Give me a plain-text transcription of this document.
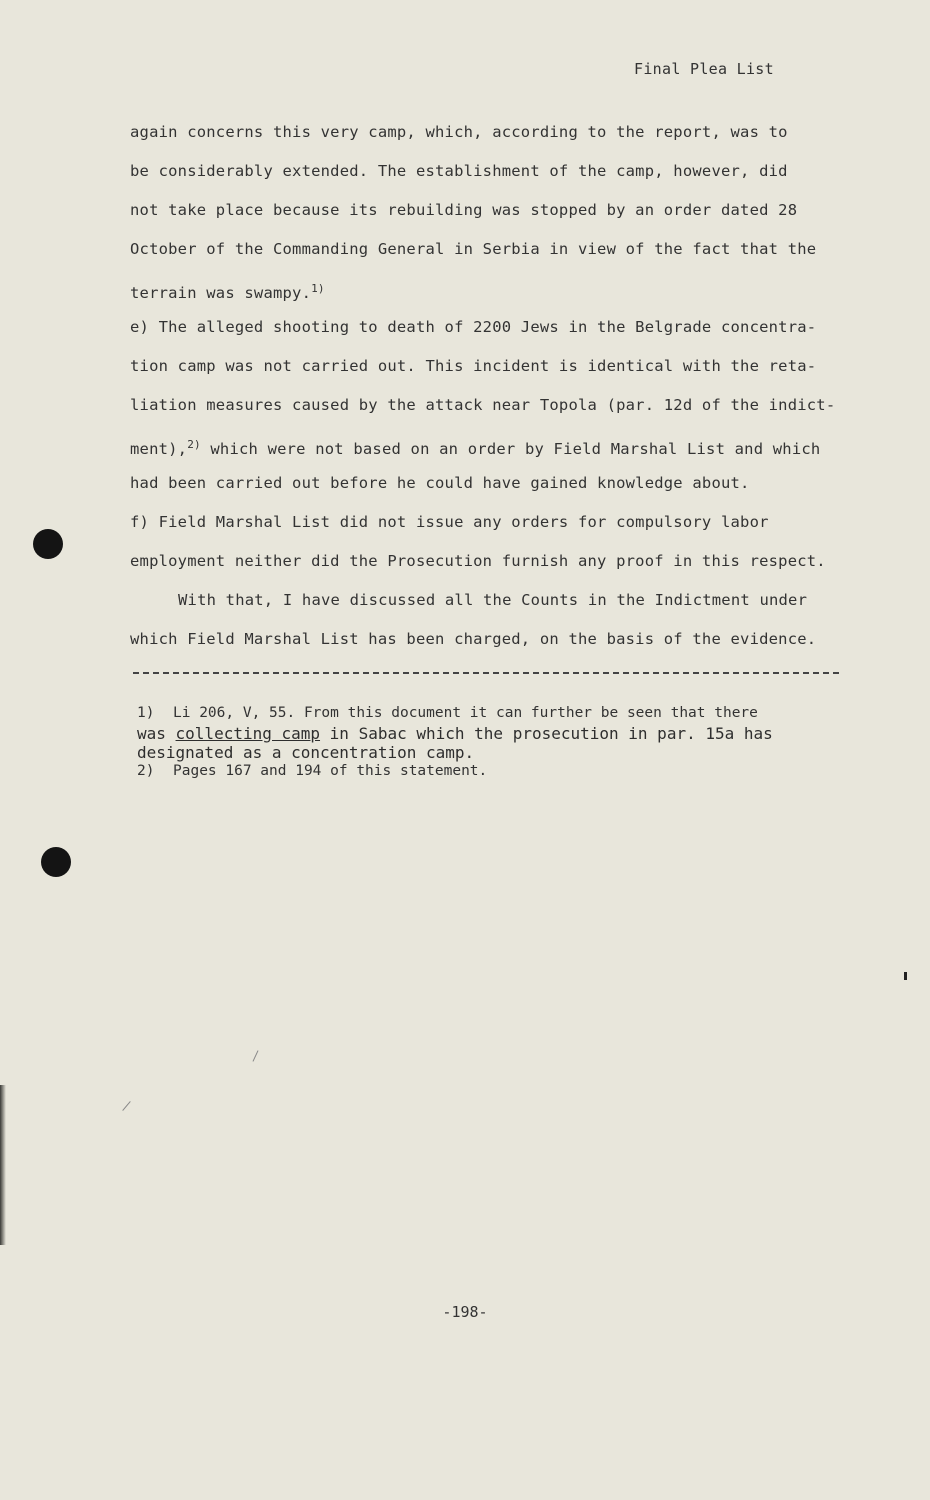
Final Plea List
again concerns this very camp, which, according to the report, was to
be considerably extended. The establishment of the camp, however, did
not take place because its rebuilding was stopped by an order dated 28
October of the Commanding General in Serbia in view of the fact that the
terrain was swampy.$^{1)}$
e) The alleged shooting to death of 2200 Jews in the Belgrade concentra-
tion camp was not carried out. This incident is identical with the reta-
liation measures caused by the attack near Topola (par. 12d of the indict-
ment),$^{2)}$ which were not based on an order by Field Marshal List and which
had been carried out before he could have gained knowledge about.
f) Field Marshal List did not issue any orders for compulsory labor
employment neither did the Prosecution furnish any proof in this respect.
With that, I have discussed all the Counts in the Indictment under
which Field Marshal List has been charged, on the basis of the evidence.
1)	Li 206, V, 55. From this document it can further be seen that there
was collecting camp in Sabac which the prosecution in par. 15a has
designated as a concentration camp.
2)	Pages 167 and 194 of this statement.
-198-
